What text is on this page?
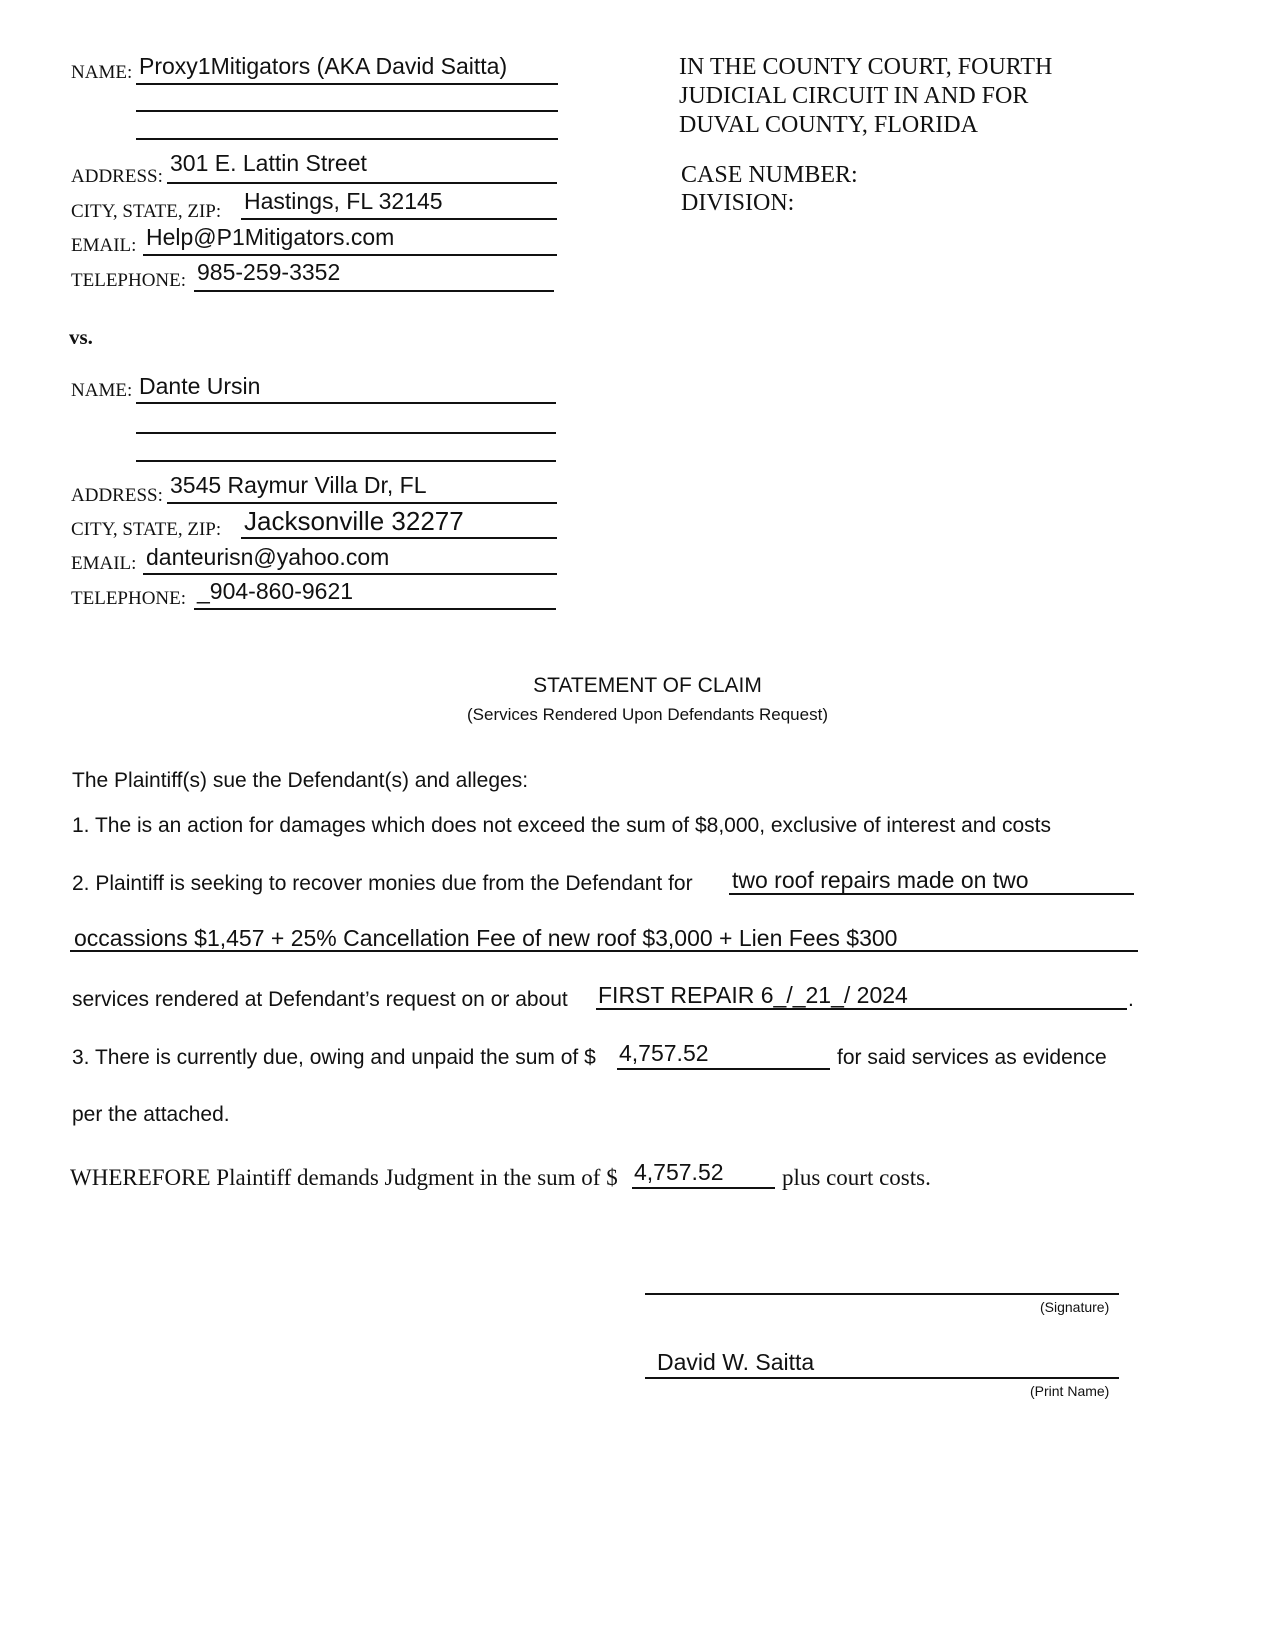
NAME: Proxy1Mitigators (AKA David Saitta)
ADDRESS:
301 E. Lattin Street
CITY, STATE, ZIP: Hastings, FL 32145
EMAIL: Help@P1Mitigators.com
TELEPHONE: 985-259-3352
vs.
NAME: Dante Ursin
ADDRESS: 3545 Raymur Villa Dr, FL
CITY, STATE, ZIP: Jacksonville 32277
EMAIL: danteurisn@yahoo.com
TELEPHONE: _904-860-9621
IN THE COUNTY COURT, FOURTH
JUDICIAL CIRCUIT IN AND FOR
DUVAL COUNTY, FLORIDA
CASE NUMBER:
DIVISION:
STATEMENT OF CLAIM
(Services Rendered Upon Defendants Request)
The Plaintiff(s) sue the Defendant(s) and alleges:
1. The is an action for damages which does not exceed the sum of $8,000, exclusive of interest and costs
2. Plaintiff is seeking to recover monies due from the Defendant for two roof repairs made on two
occassions $1,457 + 25% Cancellation Fee of new roof $3,000 + Lien Fees $300
services rendered at Defendant’s request on or about FIRST REPAIR 6_/_21_/ 2024	.
3. There is currently due, owing and unpaid the sum of $ 4,757.52	for said services as evidence
per the attached.
WHEREFORE Plaintiff demands Judgment in the sum of $ 4,757.52	plus court costs.
(Signature)
David W. Saitta
(Print Name)
